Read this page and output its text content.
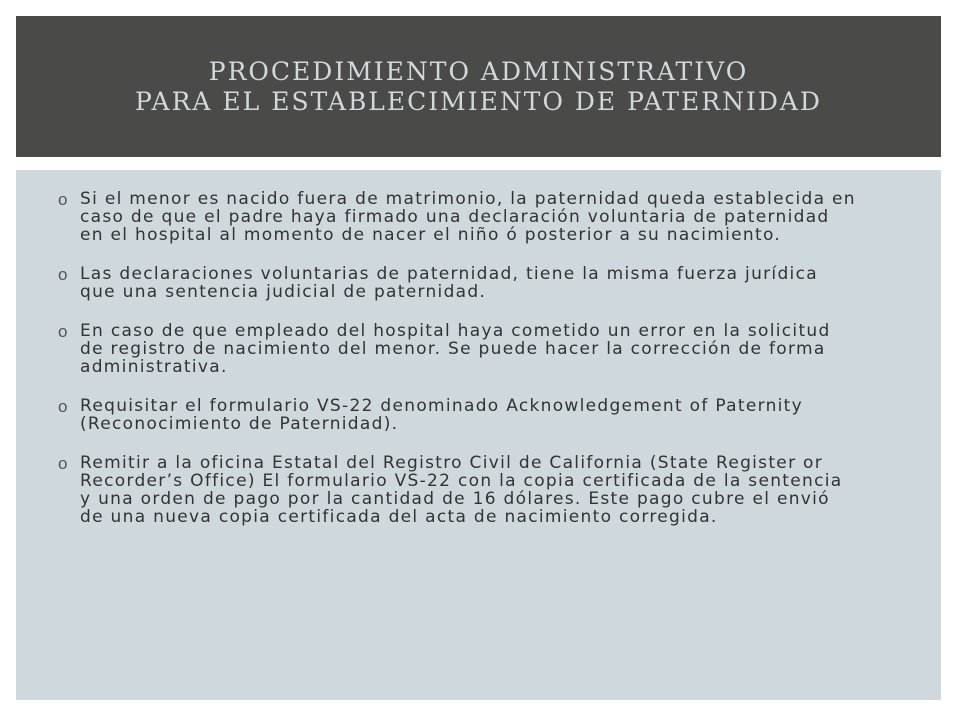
PROCEDIMIENTO ADMINISTRATIVO
PARA EL ESTABLECIMIENTO DE PATERNIDAD
o Si el menor es nacido fuera de matrimonio, la paternidad queda establecida en caso de que el padre haya firmado una declaración voluntaria de paternidad en el hospital al momento de nacer el niño ó posterior a su nacimiento.
o Las declaraciones voluntarias de paternidad, tiene la misma fuerza jurídica que una sentencia judicial de paternidad.
o En caso de que empleado del hospital haya cometido un error en la solicitud de registro de nacimiento del menor. Se puede hacer la corrección de forma administrativa.
o Requisitar el formulario VS-22 denominado Acknowledgement of Paternity (Reconocimiento de Paternidad).
o Remitir a la oficina Estatal del Registro Civil de California (State Register or Recorder’s Office) El formulario VS-22 con la copia certificada de la sentencia y una orden de pago por la cantidad de 16 dólares. Este pago cubre el envió de una nueva copia certificada del acta de nacimiento corregida.
